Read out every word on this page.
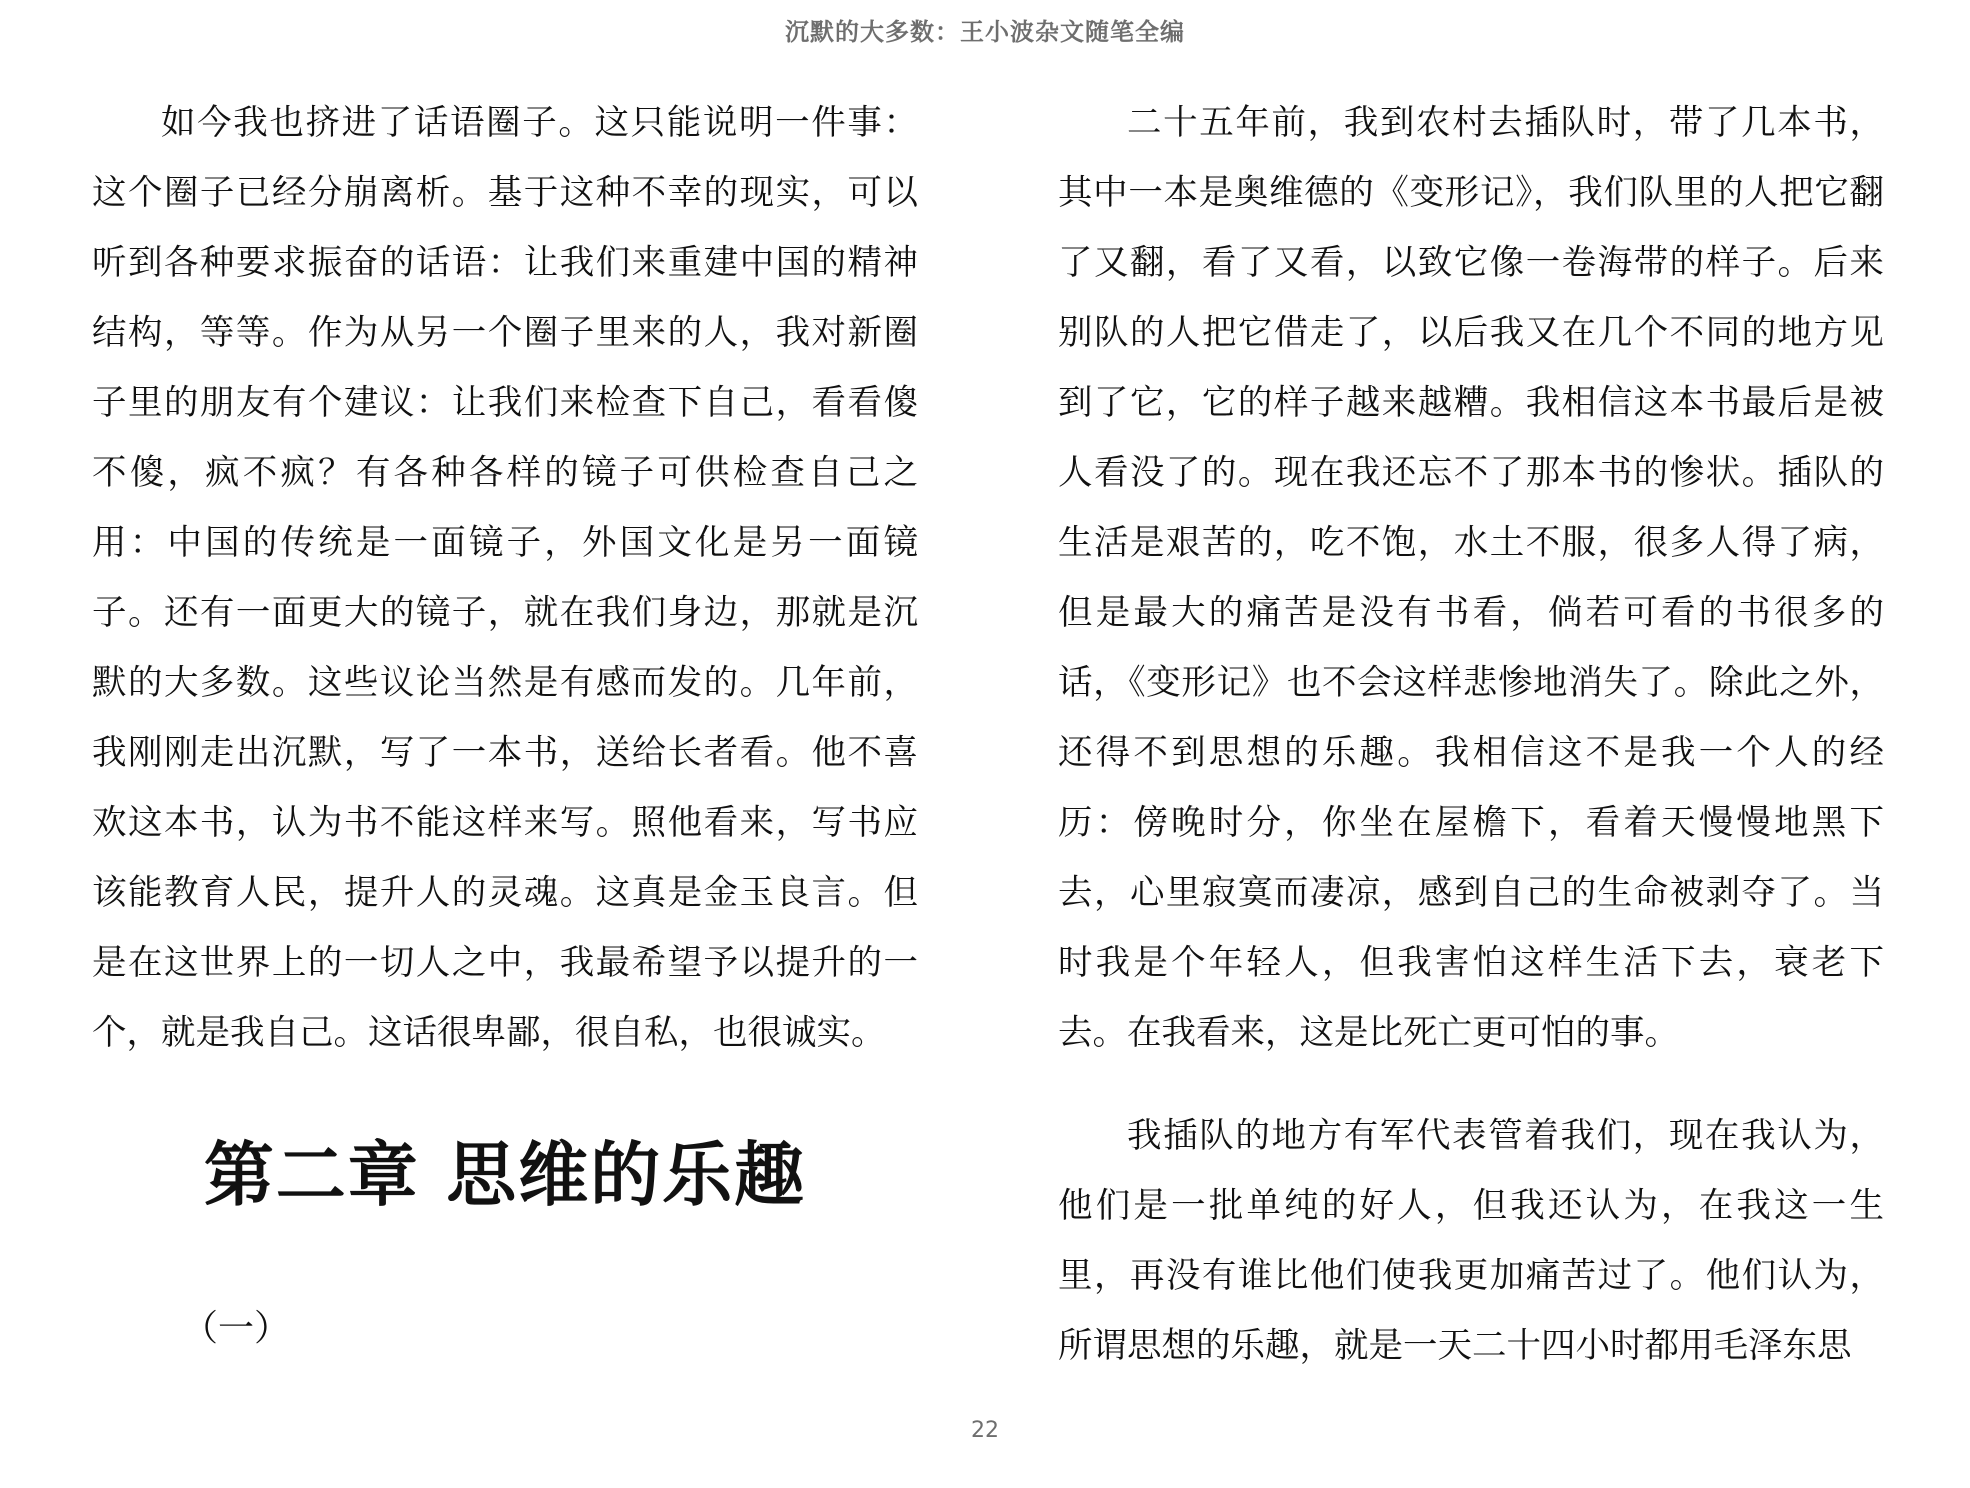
沉默的大多数：王小波杂文随笔全编

如今我也挤进了话语圈子。这只能说明一件事：这个圈子已经分崩离析。基于这种不幸的现实，可以听到各种要求振奋的话语：让我们来重建中国的精神结构，等等。作为从另一个圈子里来的人，我对新圈子里的朋友有个建议：让我们来检查下自己，看看傻不傻，疯不疯？有各种各样的镜子可供检查自己之用：中国的传统是一面镜子，外国文化是另一面镜子。还有一面更大的镜子，就在我们身边，那就是沉默的大多数。这些议论当然是有感而发的。几年前，我刚刚走出沉默，写了一本书，送给长者看。他不喜欢这本书，认为书不能这样来写。照他看来，写书应该能教育人民，提升人的灵魂。这真是金玉良言。但是在这世界上的一切人之中，我最希望予以提升的一个，就是我自己。这话很卑鄙，很自私，也很诚实。

第二章 思维的乐趣
（一）

二十五年前，我到农村去插队时，带了几本书，其中一本是奥维德的《变形记》，我们队里的人把它翻了又翻，看了又看，以致它像一卷海带的样子。后来别队的人把它借走了，以后我又在几个不同的地方见到了它，它的样子越来越糟。我相信这本书最后是被人看没了的。现在我还忘不了那本书的惨状。插队的生活是艰苦的，吃不饱，水土不服，很多人得了病，但是最大的痛苦是没有书看，倘若可看的书很多的话，《变形记》也不会这样悲惨地消失了。除此之外，还得不到思想的乐趣。我相信这不是我一个人的经历：傍晚时分，你坐在屋檐下，看着天慢慢地黑下去，心里寂寞而凄凉，感到自己的生命被剥夺了。当时我是个年轻人，但我害怕这样生活下去，衰老下去。在我看来，这是比死亡更可怕的事。

我插队的地方有军代表管着我们，现在我认为，他们是一批单纯的好人，但我还认为，在我这一生里，再没有谁比他们使我更加痛苦过了。他们认为，所谓思想的乐趣，就是一天二十四小时都用毛泽东思

22
